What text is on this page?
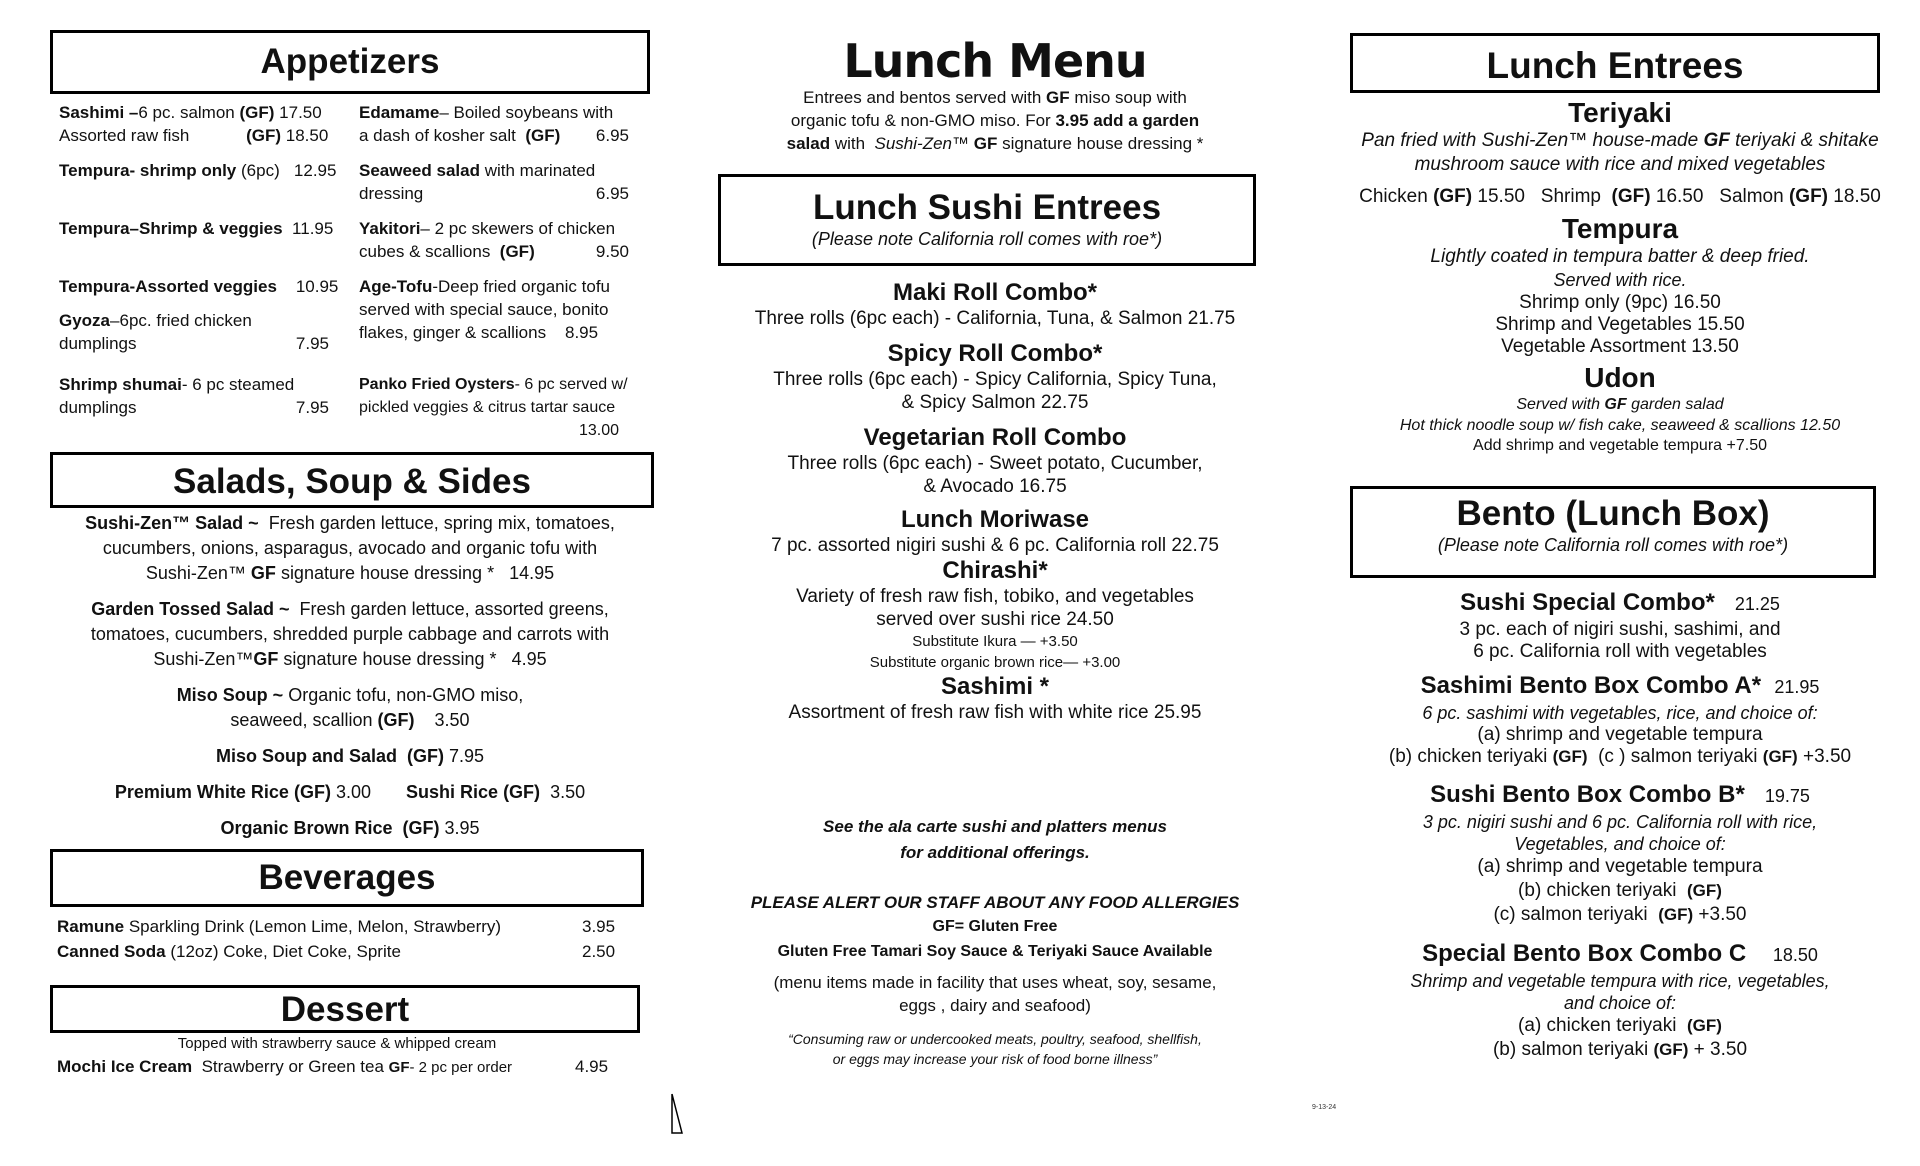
Appetizers
Sashimi –6 pc. salmon (GF) 17.50
Assorted raw fish	(GF) 18.50
Tempura- shrimp only (6pc) 12.95
Tempura–Shrimp & veggies 11.95
Tempura-Assorted veggies 10.95
Gyoza–6pc. fried chicken
dumplings	7.95
Shrimp shumai- 6 pc steamed
dumplings	7.95
Edamame– Boiled soybeans with
a dash of kosher salt (GF) 6.95
Seaweed salad with marinated
dressing	6.95
Yakitori– 2 pc skewers of chicken
cubes & scallions (GF)	9.50
Age-Tofu-Deep fried organic tofu
served with special sauce, bonito
flakes, ginger & scallions 8.95
Panko Fried Oysters- 6 pc served w/
pickled veggies & citrus tartar sauce
13.00
Salads, Soup & Sides

Sushi-Zen™ Salad ~ Fresh garden lettuce, spring mix, tomatoes,
cucumbers, onions, asparagus, avocado and organic tofu with
Sushi-Zen™ GF signature house dressing * 14.95

Garden Tossed Salad ~ Fresh garden lettuce, assorted greens,
tomatoes, cucumbers, shredded purple cabbage and carrots with
Sushi-Zen™GF signature house dressing * 4.95

Miso Soup ~ Organic tofu, non-GMO miso,
seaweed, scallion (GF) 3.50

Miso Soup and Salad (GF) 7.95

Premium White Rice (GF) 3.00 Sushi Rice (GF) 3.50

Organic Brown Rice (GF) 3.95

Beverages
Ramune Sparkling Drink (Lemon Lime, Melon, Strawberry)	3.95
Canned Soda (12oz) Coke, Diet Coke, Sprite	2.50
Dessert
Topped with strawberry sauce & whipped cream
Mochi Ice Cream Strawberry or Green tea GF- 2 pc per order	4.95
Lunch Menu

Entrees and bentos served with GF miso soup with

organic tofu & non-GMO miso. For 3.95 add a garden

salad with Sushi-Zen™ GF signature house dressing *

Lunch Sushi Entrees
(Please note California roll comes with roe*)

Maki Roll Combo*

Three rolls (6pc each) - California, Tuna, & Salmon 21.75

Spicy Roll Combo*

Three rolls (6pc each) - Spicy California, Spicy Tuna,

& Spicy Salmon 22.75

Vegetarian Roll Combo

Three rolls (6pc each) - Sweet potato, Cucumber,

& Avocado 16.75

Lunch Moriwase

7 pc. assorted nigiri sushi & 6 pc. California roll 22.75

Chirashi*

Variety of fresh raw fish, tobiko, and vegetables

served over sushi rice 24.50

Substitute Ikura — +3.50

Substitute organic brown rice— +3.00

Sashimi *

Assortment of fresh raw fish with white rice 25.95

See the ala carte sushi and platters menus

for additional offerings.

PLEASE ALERT OUR STAFF ABOUT ANY FOOD ALLERGIES

GF= Gluten Free

Gluten Free Tamari Soy Sauce & Teriyaki Sauce Available

(menu items made in facility that uses wheat, soy, sesame,

eggs , dairy and seafood)

“Consuming raw or undercooked meats, poultry, seafood, shellfish,

or eggs may increase your risk of food borne illness”

Lunch Entrees
Teriyaki
Pan fried with Sushi-Zen™ house-made GF teriyaki & shitake
mushroom sauce with rice and mixed vegetables
Chicken (GF) 15.50 Shrimp (GF) 16.50 Salmon (GF) 18.50
Tempura
Lightly coated in tempura batter & deep fried.
Served with rice.
Shrimp only (9pc) 16.50
Shrimp and Vegetables 15.50
Vegetable Assortment 13.50
Udon
Served with GF garden salad
Hot thick noodle soup w/ fish cake, seaweed & scallions 12.50
Add shrimp and vegetable tempura +7.50
Bento (Lunch Box)
(Please note California roll comes with roe*)
Sushi Special Combo* 21.25
3 pc. each of nigiri sushi, sashimi, and
6 pc. California roll with vegetables
Sashimi Bento Box Combo A* 21.95
6 pc. sashimi with vegetables, rice, and choice of:
(a) shrimp and vegetable tempura
(b) chicken teriyaki (GF) (c ) salmon teriyaki (GF) +3.50
Sushi Bento Box Combo B* 19.75
3 pc. nigiri sushi and 6 pc. California roll with rice,
Vegetables, and choice of:
(a) shrimp and vegetable tempura
(b) chicken teriyaki (GF)
(c) salmon teriyaki (GF) +3.50
Special Bento Box Combo C 18.50
Shrimp and vegetable tempura with rice, vegetables,
and choice of:
(a) chicken teriyaki (GF)
(b) salmon teriyaki (GF) + 3.50
9-13-24
